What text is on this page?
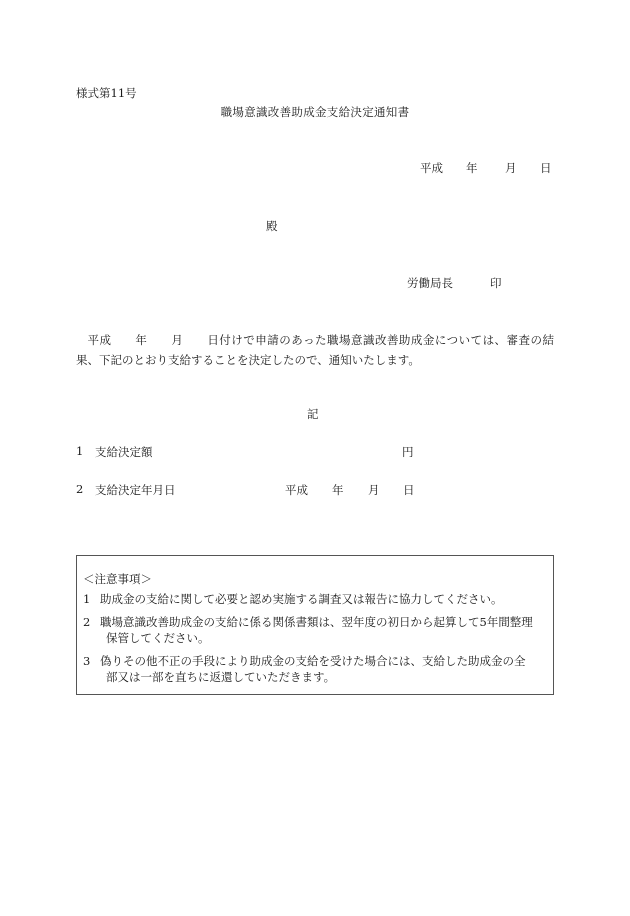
様式第11号
職場意識改善助成金支給決定通知書
平成 年 月 日
殿
労働局長	印
平成　　年　　月　　日付けで申請のあった職場意識改善助成金については、審査の結果、下記のとおり支給することを決定したので、通知いたします。
記
1 支給決定額	円
2 支給決定年月日	平成 年 月 日
＜注意事項＞
1 助成金の支給に関して必要と認め実施する調査又は報告に協力してください。
2 職場意識改善助成金の支給に係る関係書類は、翌年度の初日から起算して5年間整理
保管してください。
3 偽りその他不正の手段により助成金の支給を受けた場合には、支給した助成金の全
部又は一部を直ちに返還していただきます。
